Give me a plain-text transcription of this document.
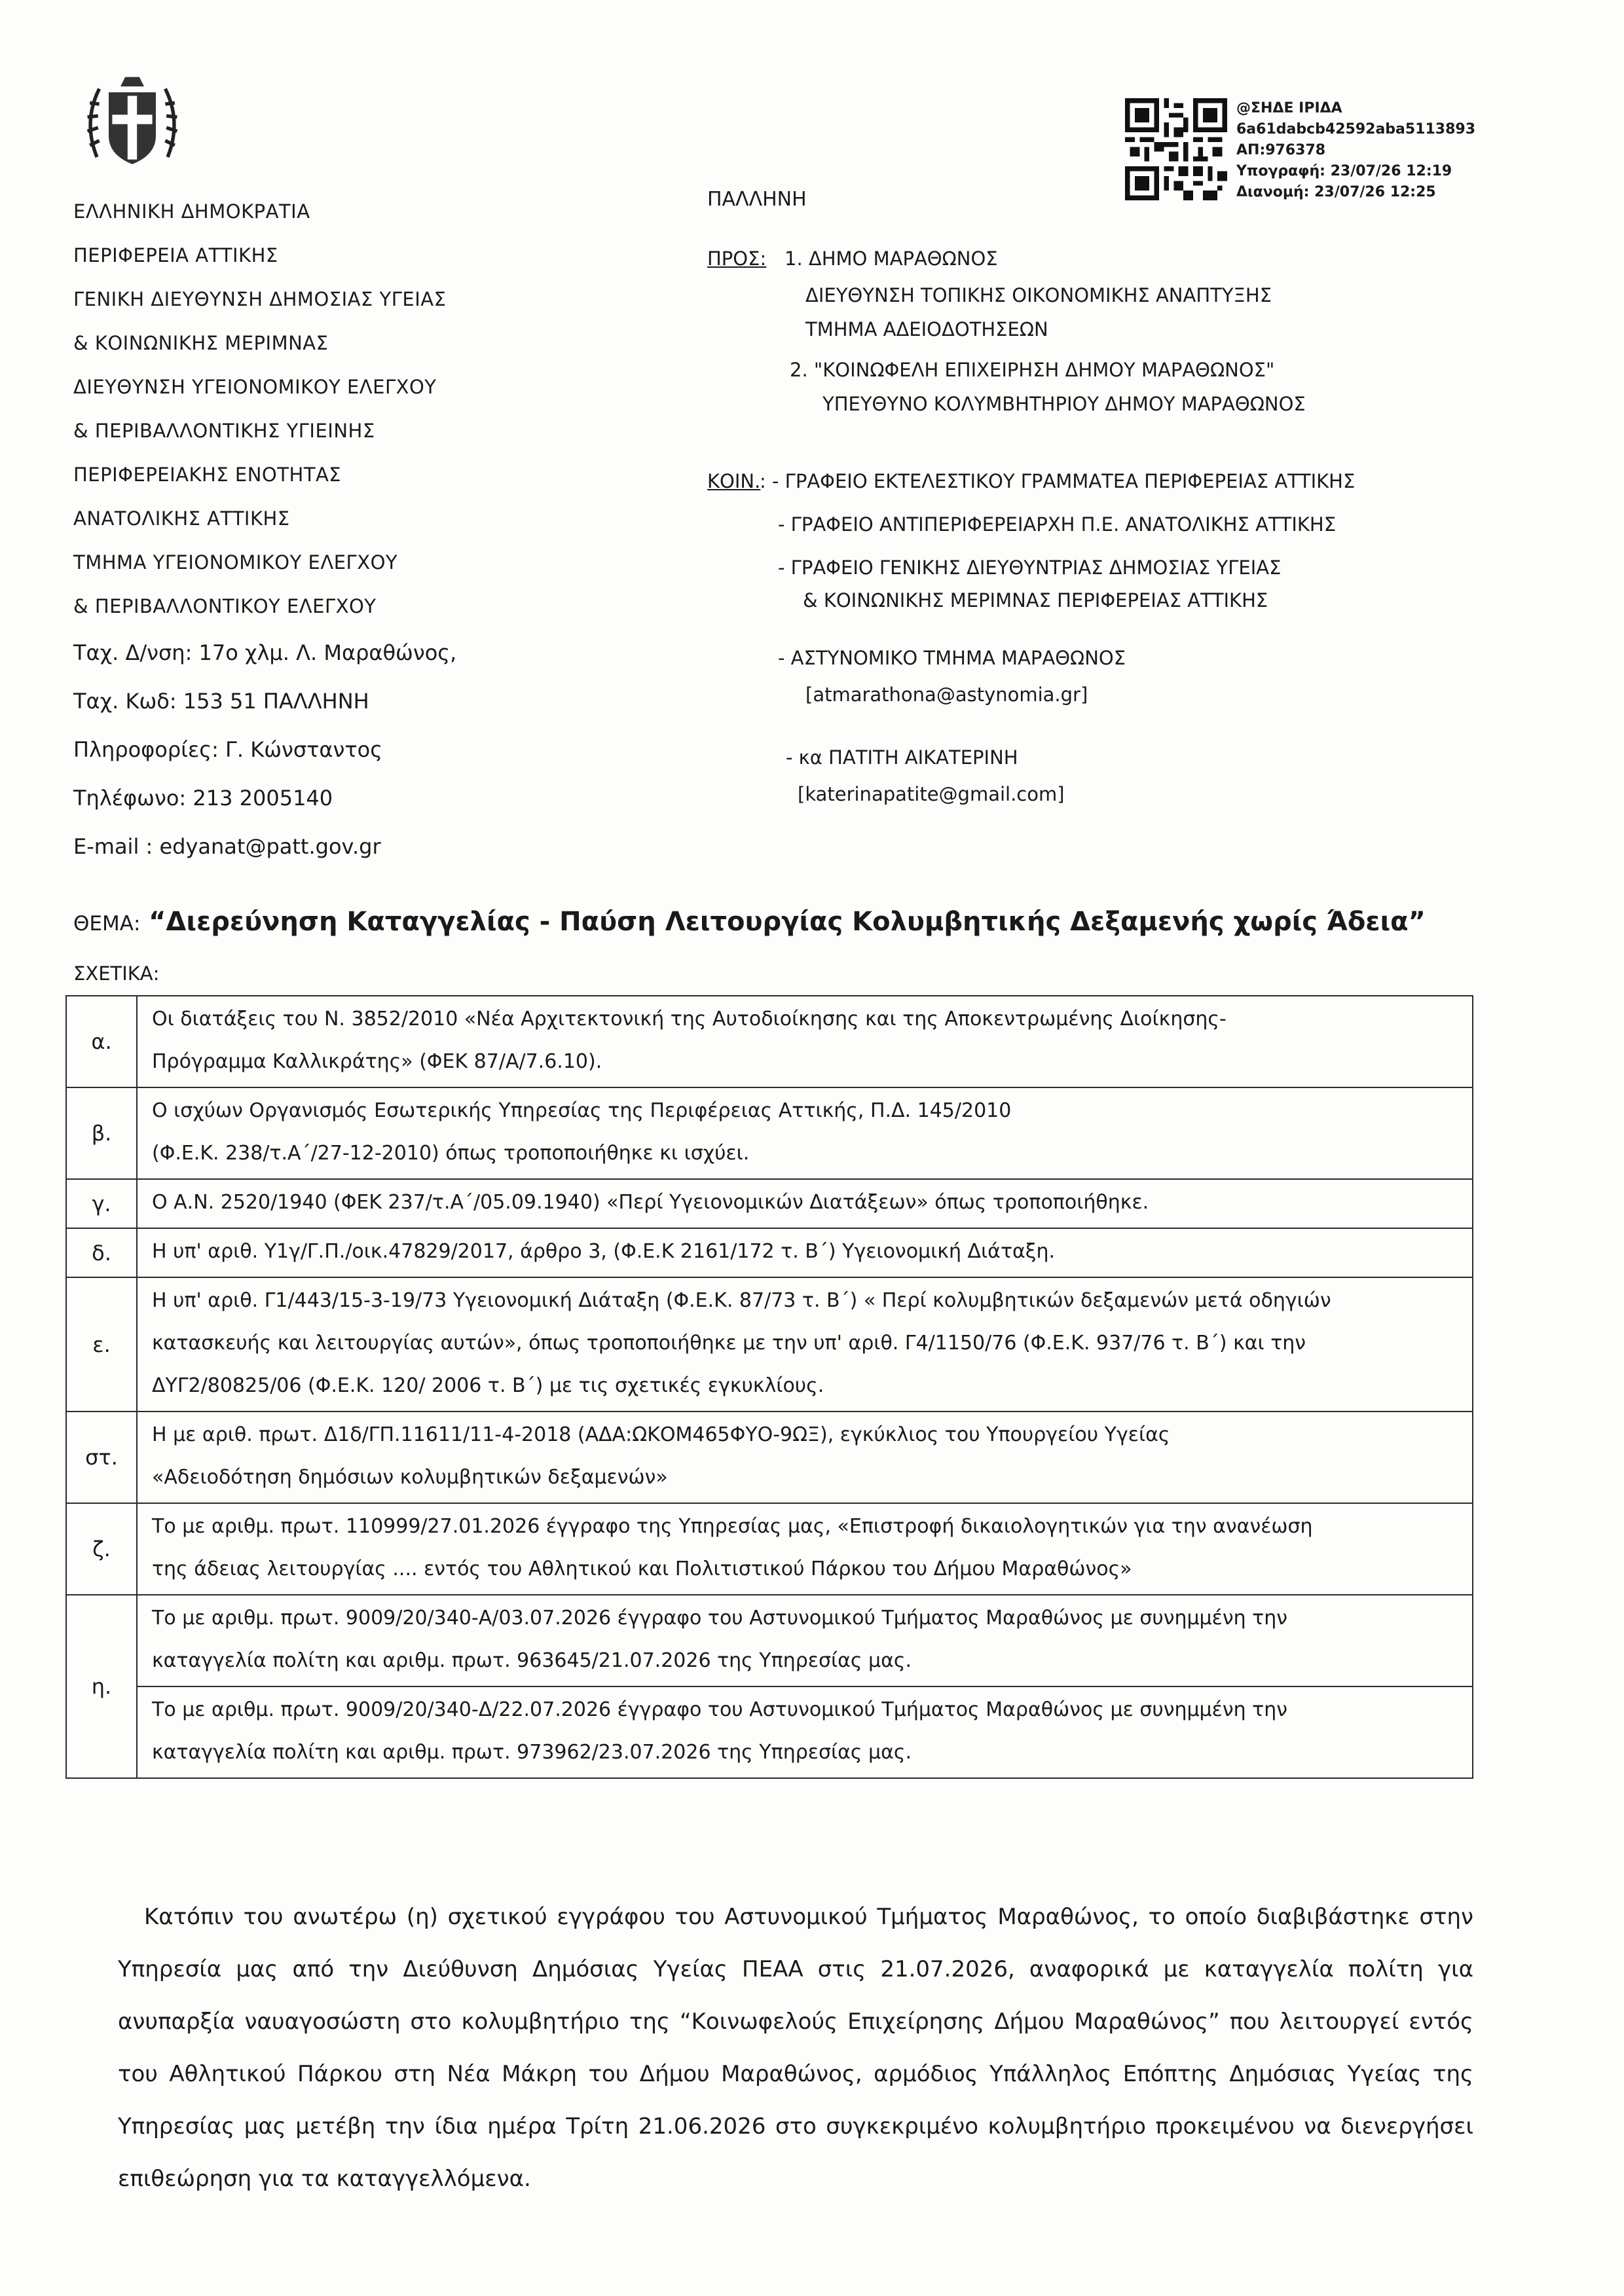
ΕΛΛΗΝΙΚΗ ΔΗΜΟΚΡΑΤΙΑ
ΠΕΡΙΦΕΡΕΙΑ ΑΤΤΙΚΗΣ
ΓΕΝΙΚΗ ΔΙΕΥΘΥΝΣΗ ΔΗΜΟΣΙΑΣ ΥΓΕΙΑΣ
& ΚΟΙΝΩΝΙΚΗΣ ΜΕΡΙΜΝΑΣ
ΔΙΕΥΘΥΝΣΗ ΥΓΕΙΟΝΟΜΙΚΟΥ ΕΛΕΓΧΟΥ
& ΠΕΡΙΒΑΛΛΟΝΤΙΚΗΣ ΥΓΙΕΙΝΗΣ
ΠΕΡΙΦΕΡΕΙΑΚΗΣ ΕΝΟΤΗΤΑΣ
ΑΝΑΤΟΛΙΚΗΣ ΑΤΤΙΚΗΣ
ΤΜΗΜΑ ΥΓΕΙΟΝΟΜΙΚΟΥ ΕΛΕΓΧΟΥ
& ΠΕΡΙΒΑΛΛΟΝΤΙΚΟΥ ΕΛΕΓΧΟΥ
Ταχ. Δ/νση: 17ο χλμ. Λ. Μαραθώνος,
Ταχ. Κωδ: 153 51 ΠΑΛΛΗΝΗ
Πληροφορίες: Γ. Κώνσταντος
Τηλέφωνο: 213 2005140
E-mail : edyanat@patt.gov.gr
ΠΑΛΛΗΝΗ
@ΣΗΔΕ ΙΡΙΔΑ
6a61dabcb42592aba5113893
ΑΠ:976378
Υπογραφή: 23/07/26 12:19
Διανομή: 23/07/26 12:25
ΠΡΟΣ: 1. ΔΗΜΟ ΜΑΡΑΘΩΝΟΣ
ΔΙΕΥΘΥΝΣΗ ΤΟΠΙΚΗΣ ΟΙΚΟΝΟΜΙΚΗΣ ΑΝΑΠΤΥΞΗΣ
ΤΜΗΜΑ ΑΔΕΙΟΔΟΤΗΣΕΩΝ
2. "ΚΟΙΝΩΦΕΛΗ ΕΠΙΧΕΙΡΗΣΗ ΔΗΜΟΥ ΜΑΡΑΘΩΝΟΣ"
ΥΠΕΥΘΥΝΟ ΚΟΛΥΜΒΗΤΗΡΙΟΥ ΔΗΜΟΥ ΜΑΡΑΘΩΝΟΣ
ΚΟΙΝ.
: - ΓΡΑΦΕΙΟ ΕΚΤΕΛΕΣΤΙΚΟΥ ΓΡΑΜΜΑΤΕΑ ΠΕΡΙΦΕΡΕΙΑΣ ΑΤΤΙΚΗΣ
- ΓΡΑΦΕΙΟ ΑΝΤΙΠΕΡΙΦΕΡΕΙΑΡΧΗ Π.Ε. ΑΝΑΤΟΛΙΚΗΣ ΑΤΤΙΚΗΣ
- ΓΡΑΦΕΙΟ ΓΕΝΙΚΗΣ ΔΙΕΥΘΥΝΤΡΙΑΣ ΔΗΜΟΣΙΑΣ ΥΓΕΙΑΣ
& ΚΟΙΝΩΝΙΚΗΣ ΜΕΡΙΜΝΑΣ ΠΕΡΙΦΕΡΕΙΑΣ ΑΤΤΙΚΗΣ
- ΑΣΤΥΝΟΜΙΚΟ ΤΜΗΜΑ ΜΑΡΑΘΩΝΟΣ
[atmarathona@astynomia.gr]
- κα ΠΑΤΙΤΗ ΑΙΚΑΤΕΡΙΝΗ
[katerinapatite@gmail.com]
ΘΕΜΑ: “Διερεύνηση Καταγγελίας - Παύση Λειτουργίας Κολυμβητικής Δεξαμενής χωρίς Άδεια”
ΣΧΕΤΙΚΑ:
α.	Οι διατάξεις του Ν. 3852/2010 «Νέα Αρχιτεκτονική της Αυτοδιοίκησης και της Αποκεντρωμένης Διοίκησης-
Πρόγραμμα Καλλικράτης» (ΦΕΚ 87/Α/7.6.10).

β.	Ο ισχύων Οργανισμός Εσωτερικής Υπηρεσίας της Περιφέρειας Αττικής, Π.Δ. 145/2010
(Φ.Ε.Κ. 238/τ.Α΄/27-12-2010) όπως τροποποιήθηκε κι ισχύει.

γ.	Ο Α.Ν. 2520/1940 (ΦΕΚ 237/τ.Α΄/05.09.1940) «Περί Υγειονομικών Διατάξεων» όπως τροποποιήθηκε.

δ.	Η υπ' αριθ. Υ1γ/Γ.Π./οικ.47829/2017, άρθρο 3, (Φ.Ε.Κ 2161/172 τ. Β΄) Υγειονομική Διάταξη.

ε.	Η υπ' αριθ. Γ1/443/15-3-19/73 Υγειονομική Διάταξη (Φ.Ε.Κ. 87/73 τ. Β΄) « Περί κολυμβητικών δεξαμενών μετά οδηγιών
κατασκευής και λειτουργίας αυτών», όπως τροποποιήθηκε με την υπ' αριθ. Γ4/1150/76 (Φ.Ε.Κ. 937/76 τ. Β΄) και την
ΔΥΓ2/80825/06 (Φ.Ε.Κ. 120/ 2006 τ. Β΄) με τις σχετικές εγκυκλίους.

στ.	Η με αριθ. πρωτ. Δ1δ/ΓΠ.11611/11-4-2018 (ΑΔΑ:ΩΚΟΜ465ΦΥΟ-9ΩΞ), εγκύκλιος του Υπουργείου Υγείας
«Αδειοδότηση δημόσιων κολυμβητικών δεξαμενών»

ζ.	Το με αριθμ. πρωτ. 110999/27.01.2026 έγγραφο της Υπηρεσίας μας, «Επιστροφή δικαιολογητικών για την ανανέωση
της άδειας λειτουργίας .... εντός του Αθλητικού και Πολιτιστικού Πάρκου του Δήμου Μαραθώνος»

η.	Το με αριθμ. πρωτ. 9009/20/340-Α/03.07.2026 έγγραφο του Αστυνομικού Τμήματος Μαραθώνος με συνημμένη την
καταγγελία πολίτη και αριθμ. πρωτ. 963645/21.07.2026 της Υπηρεσίας μας.

	Το με αριθμ. πρωτ. 9009/20/340-Δ/22.07.2026 έγγραφο του Αστυνομικού Τμήματος Μαραθώνος με συνημμένη την
καταγγελία πολίτη και αριθμ. πρωτ. 973962/23.07.2026 της Υπηρεσίας μας.

Κατόπιν του ανωτέρω (η) σχετικού εγγράφου του Αστυνομικού Τμήματος Μαραθώνος, το οποίο διαβιβάστηκε στην Υπηρεσία μας από την Διεύθυνση Δημόσιας Υγείας ΠΕΑΑ στις 21.07.2026, αναφορικά με καταγγελία πολίτη για ανυπαρξία ναυαγοσώστη στο κολυμβητήριο της “Κοινωφελούς Επιχείρησης Δήμου Μαραθώνος” που λειτουργεί εντός του Αθλητικού Πάρκου στη Νέα Μάκρη του Δήμου Μαραθώνος, αρμόδιος Υπάλληλος Επόπτης Δημόσιας Υγείας της Υπηρεσίας μας μετέβη την ίδια ημέρα Τρίτη 21.06.2026 στο συγκεκριμένο κολυμβητήριο προκειμένου να διενεργήσει επιθεώρηση για τα καταγγελλόμενα.
